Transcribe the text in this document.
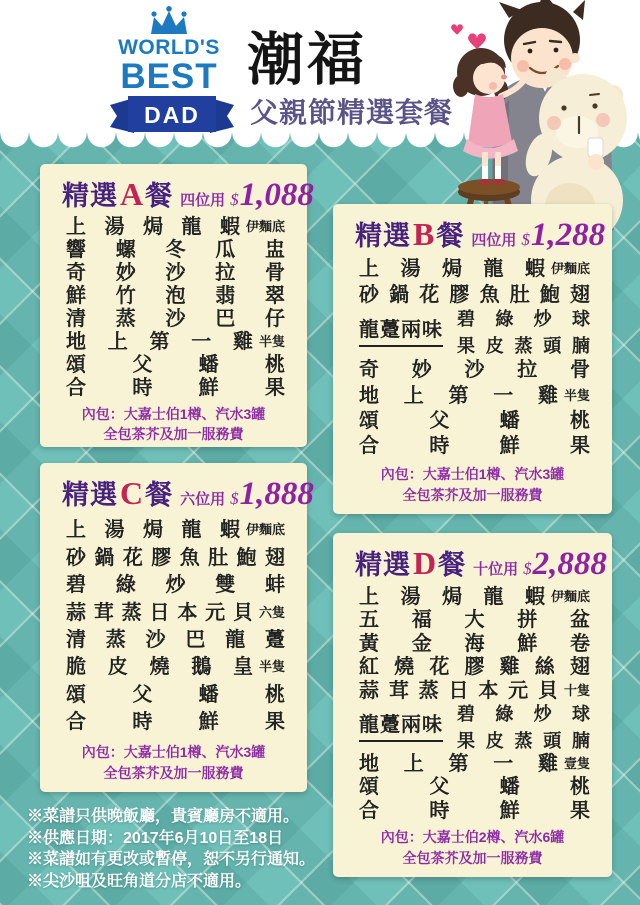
WORLD'S
BEST
DAD
潮福
父親節精選套餐
精選 A 餐 四位用 $ 1,088
上 湯 焗 龍 蝦 伊麵底
響 螺 冬 瓜 盅
奇 妙 沙 拉 骨
鮮 竹 泡 翡 翠
清 蒸 沙 巴 仔
地 上 第 一 雞 半隻
頌 父 蟠 桃
合 時 鮮 果
內包：大嘉士伯1樽、汽水3罐
全包茶芥及加一服務費
精選 B 餐 四位用 $ 1,288
上 湯 焗 龍 蝦 伊麵底
砂 鍋 花 膠 魚 肚 鮑 翅
龍躉兩味
碧 綠 炒 球
果 皮 蒸 頭 腩
奇 妙 沙 拉 骨
地 上 第 一 雞 半隻
頌	父	蟠	桃
合	時	鮮	果
內包：大嘉士伯1樽、汽水3罐
全包茶芥及加一服務費
精選 C 餐 六位用 $ 1,888
上 湯 焗 龍 蝦 伊麵底
砂 鍋 花 膠 魚 肚 鮑 翅
碧 綠 炒 雙 蚌
蒜 茸 蒸 日 本 元 貝 六隻
清 蒸 沙 巴 龍 躉
脆 皮 燒 鵝 皇 半隻
頌 父 蟠 桃
合 時 鮮 果
內包：大嘉士伯1樽、汽水3罐
全包茶芥及加一服務費
精選 D 餐 十位用 $ 2,888
上 湯 焗 龍 蝦 伊麵底
五 福 大 拼 盆
黃 金 海 鮮 卷
紅 燒 花 膠 雞 絲 翅
蒜 茸 蒸 日 本 元 貝 十隻
龍躉兩味
碧 綠 炒 球
果 皮 蒸 頭 腩
地 上 第 一 雞 壹隻
頌	父	蟠	桃
合	時	鮮	果
內包：大嘉士伯2樽、汽水6罐
全包茶芥及加一服務費
※菜譜只供晚飯廳，貴賓廳房不適用。
※供應日期：2017年6月10日至18日
※菜譜如有更改或暫停，恕不另行通知。
※尖沙咀及旺角道分店不適用。
